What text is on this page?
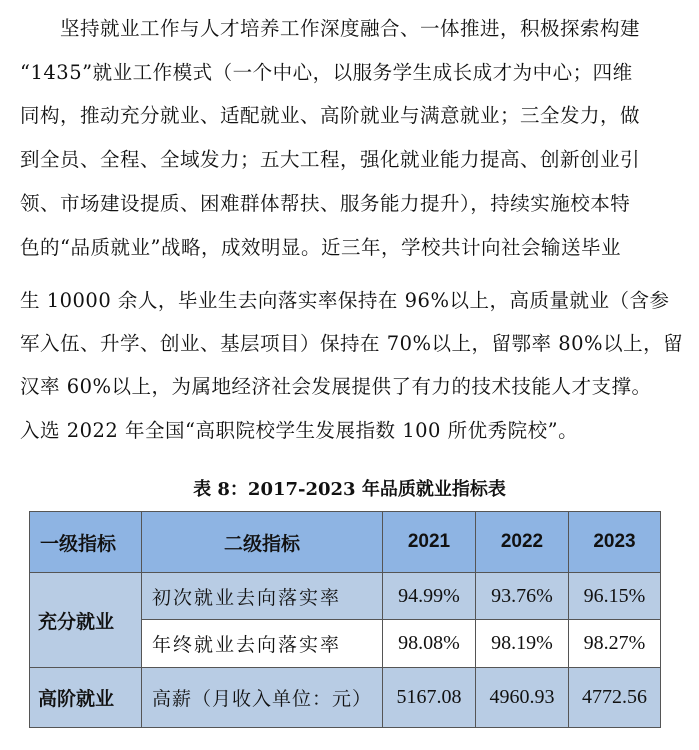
　　坚持就业工作与人才培养工作深度融合、一体推进，积极探索构建
“1435”就业工作模式（一个中心，以服务学生成长成才为中心；四维
同构，推动充分就业、适配就业、高阶就业与满意就业；三全发力，做
到全员、全程、全域发力；五大工程，强化就业能力提高、创新创业引
领、市场建设提质、困难群体帮扶、服务能力提升），持续实施校本特
色的“品质就业”战略，成效明显。近三年，学校共计向社会输送毕业
生 10000 余人，毕业生去向落实率保持在 96%以上，高质量就业（含参
军入伍、升学、创业、基层项目）保持在 70%以上，留鄂率 80%以上，留
汉率 60%以上，为属地经济社会发展提供了有力的技术技能人才支撑。
入选 2022 年全国“高职院校学生发展指数 100 所优秀院校”。
表 8：2017-2023 年品质就业指标表
一级指标	二级指标	2021	2022	2023
充分就业	初次就业去向落实率	94.99%	93.76%	96.15%
	年终就业去向落实率	98.08%	98.19%	98.27%
高阶就业	高薪（月收入单位：元）	5167.08	4960.93	4772.56
